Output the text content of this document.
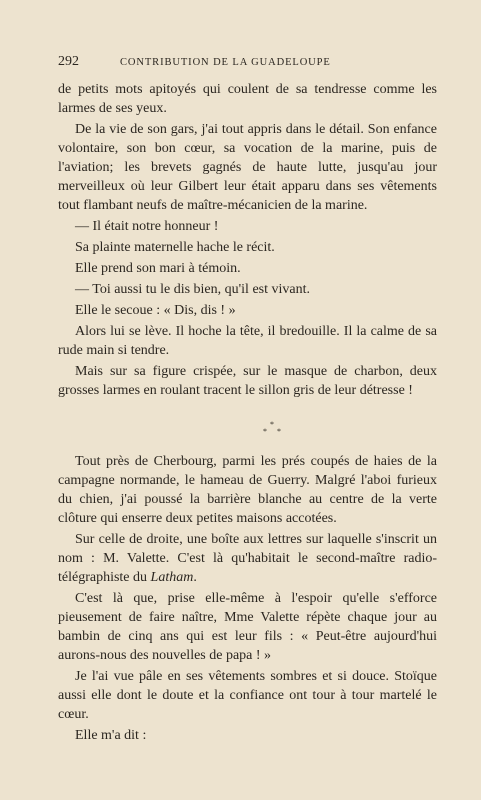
292	CONTRIBUTION DE LA GUADELOUPE

de petits mots apitoyés qui coulent de sa tendresse comme les larmes de ses yeux.

De la vie de son gars, j'ai tout appris dans le détail. Son enfance volontaire, son bon cœur, sa vocation de la marine, puis de l'aviation; les brevets gagnés de haute lutte, jusqu'au jour merveilleux où leur Gilbert leur était apparu dans ses vêtements tout flambant neufs de maître-mécanicien de la marine.

— Il était notre honneur !

Sa plainte maternelle hache le récit.

Elle prend son mari à témoin.

— Toi aussi tu le dis bien, qu'il est vivant.

Elle le secoue : « Dis, dis ! »

Alors lui se lève. Il hoche la tête, il bredouille. Il la calme de sa rude main si tendre.

Mais sur sa figure crispée, sur le masque de charbon, deux grosses larmes en roulant tracent le sillon gris de leur détresse !

*
* *

Tout près de Cherbourg, parmi les prés coupés de haies de la campagne normande, le hameau de Guerry. Malgré l'aboi furieux du chien, j'ai poussé la barrière blanche au centre de la verte clôture qui enserre deux petites maisons accotées.

Sur celle de droite, une boîte aux lettres sur laquelle s'inscrit un nom : M. Valette. C'est là qu'habitait le second-maître radio-télégraphiste du Latham.

C'est là que, prise elle-même à l'espoir qu'elle s'efforce pieusement de faire naître, Mme Valette répète chaque jour au bambin de cinq ans qui est leur fils : « Peut-être aujourd'hui aurons-nous des nouvelles de papa ! »

Je l'ai vue pâle en ses vêtements sombres et si douce. Stoïque aussi elle dont le doute et la confiance ont tour à tour martelé le cœur.

Elle m'a dit :
